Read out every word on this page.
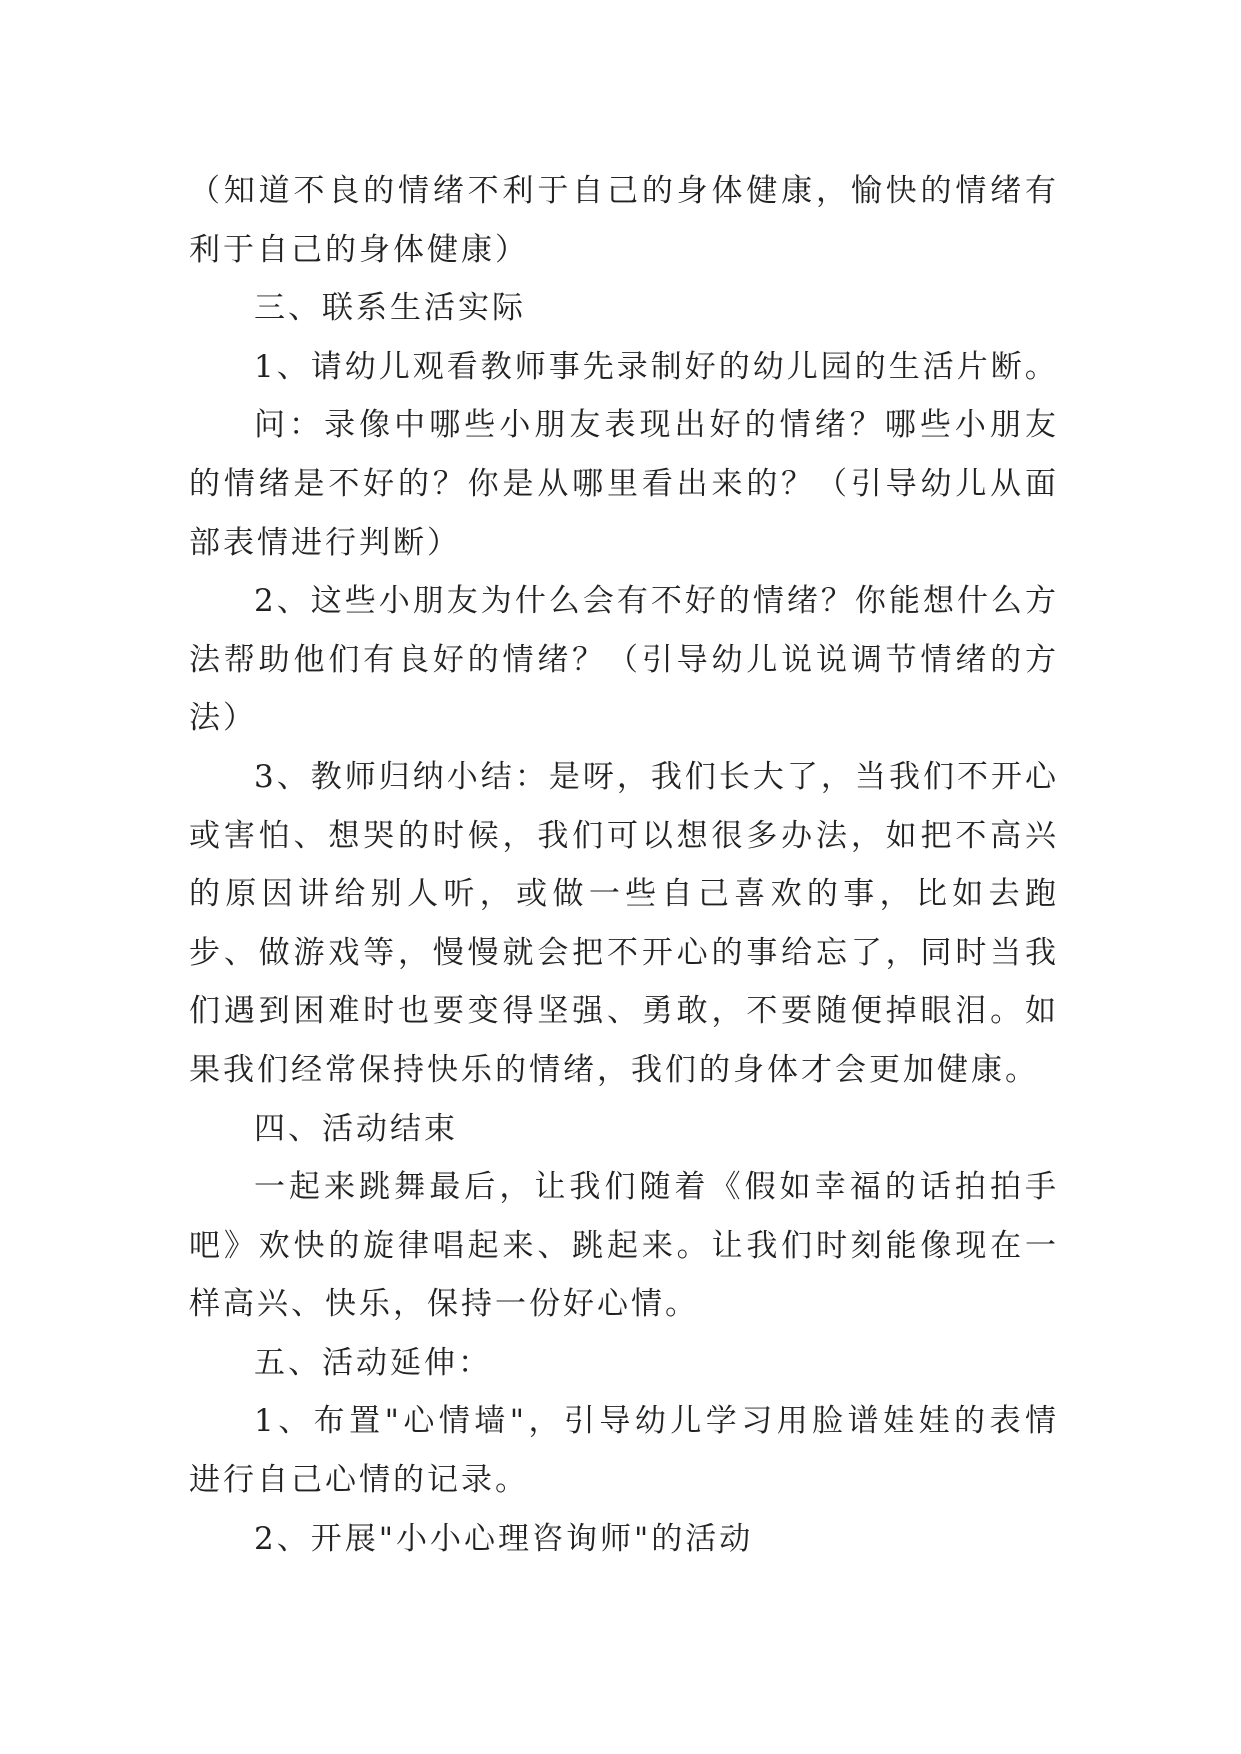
（知道不良的情绪不利于自己的身体健康，愉快的情绪有利于自己的身体健康）

三、联系生活实际

1、请幼儿观看教师事先录制好的幼儿园的生活片断。

问：录像中哪些小朋友表现出好的情绪？哪些小朋友的情绪是不好的？你是从哪里看出来的？（引导幼儿从面部表情进行判断）

2、这些小朋友为什么会有不好的情绪？你能想什么方法帮助他们有良好的情绪？（引导幼儿说说调节情绪的方法）

3、教师归纳小结：是呀，我们长大了，当我们不开心或害怕、想哭的时候，我们可以想很多办法，如把不高兴的原因讲给别人听，或做一些自己喜欢的事，比如去跑步、做游戏等，慢慢就会把不开心的事给忘了，同时当我们遇到困难时也要变得坚强、勇敢，不要随便掉眼泪。如果我们经常保持快乐的情绪，我们的身体才会更加健康。

四、活动结束

一起来跳舞最后，让我们随着《假如幸福的话拍拍手吧》欢快的旋律唱起来、跳起来。让我们时刻能像现在一样高兴、快乐，保持一份好心情。

五、活动延伸：

1、布置"心情墙"，引导幼儿学习用脸谱娃娃的表情进行自己心情的记录。

2、开展"小小心理咨询师"的活动
